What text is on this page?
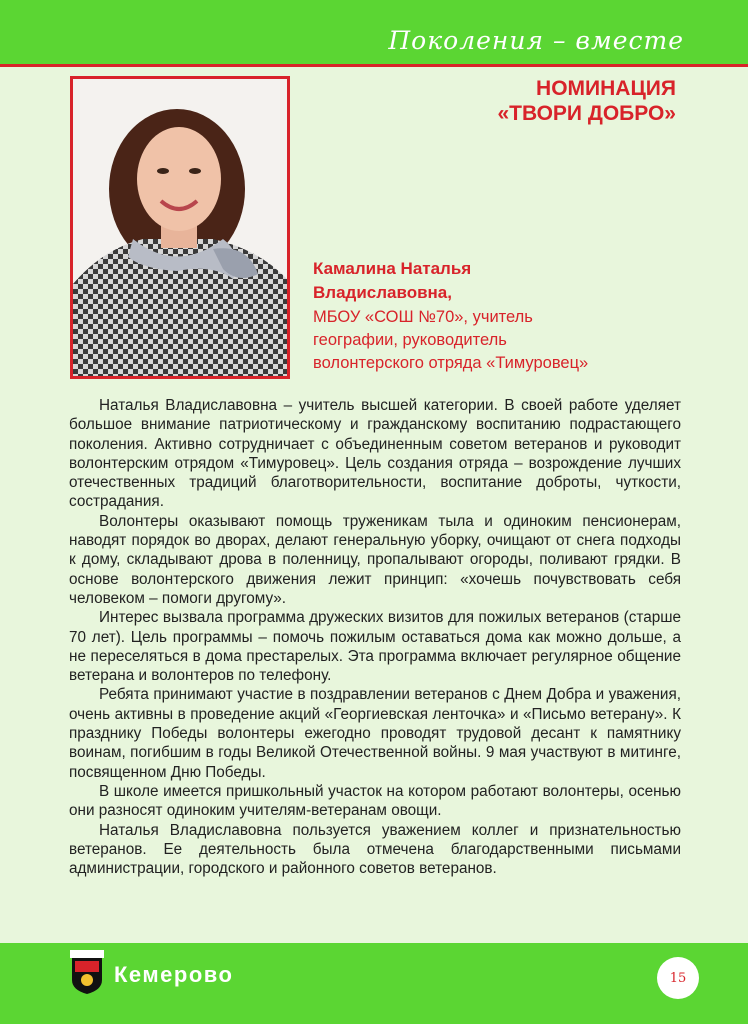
Поколения – вместе
НОМИНАЦИЯ
«ТВОРИ ДОБРО»
Камалина Наталья
Владиславовна,
МБОУ «СОШ №70», учитель
географии, руководитель
волонтерского отряда «Тимуровец»

Наталья Владиславовна – учитель высшей категории. В своей работе уделяет большое внимание патриотическому и гражданскому воспитанию подрастающего поколения. Активно сотрудничает с объединенным советом ветеранов и руководит волонтерским отрядом «Тимуровец». Цель создания отряда – возрождение лучших отечественных традиций благотворительности, воспитание доброты, чуткости, сострадания.

Волонтеры оказывают помощь труженикам тыла и одиноким пенсионерам, наводят порядок во дворах, делают генеральную уборку, очищают от снега подходы к дому, складывают дрова в поленницу, пропалывают огороды, поливают грядки. В основе волонтерского движения лежит принцип: «хочешь почувствовать себя человеком – помоги другому».

Интерес вызвала программа дружеских визитов для пожилых ветеранов (старше 70 лет). Цель программы – помочь пожилым оставаться дома как можно дольше, а не переселяться в дома престарелых. Эта программа включает регулярное общение ветерана и волонтеров по телефону.

Ребята принимают участие в поздравлении ветеранов с Днем Добра и уважения, очень активны в проведение акций «Георгиевская ленточка» и «Письмо ветерану». К празднику Победы волонтеры ежегодно проводят трудовой десант к памятнику воинам, погибшим в годы Великой Отечественной войны. 9 мая участвуют в митинге, посвященном Дню Победы.

В школе имеется пришкольный участок на котором работают волонтеры, осенью они разносят одиноким учителям-ветеранам овощи.

Наталья Владиславовна пользуется уважением коллег и признательностью ветеранов. Ее деятельность была отмечена благодарственными письмами администрации, городского и районного советов ветеранов.

Кемерово	15
